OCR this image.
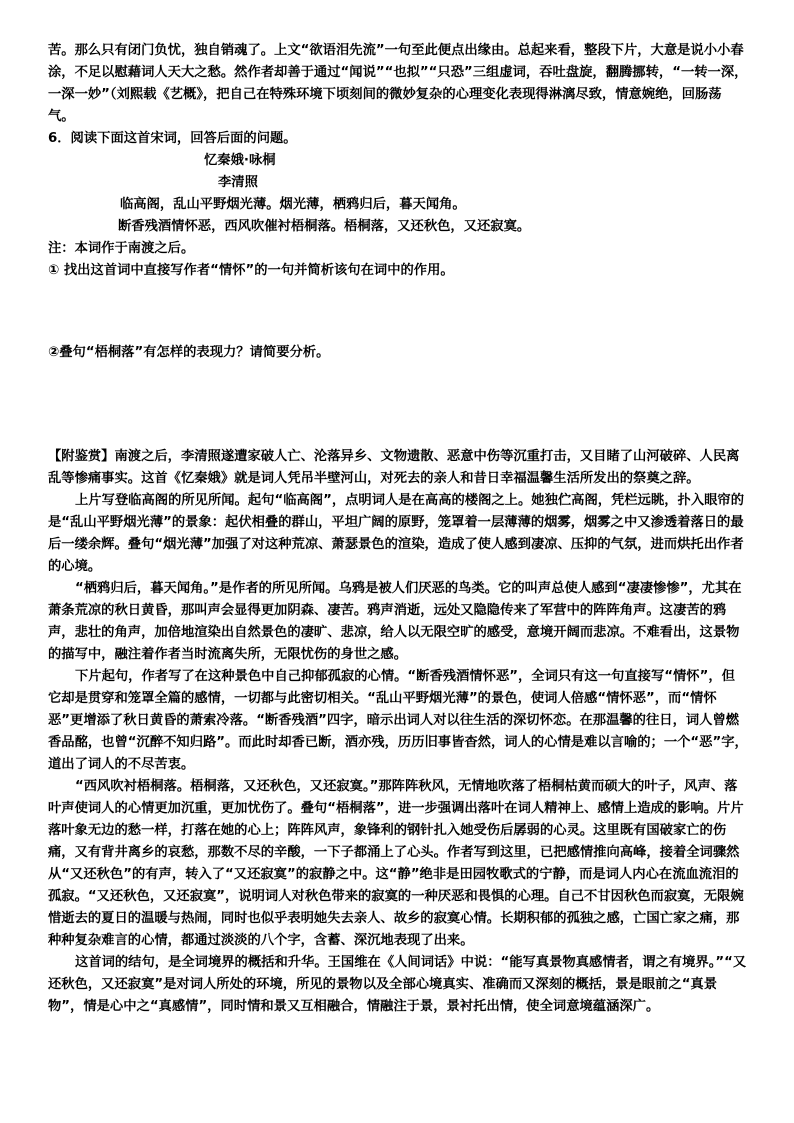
苦。那么只有闭门负忧，独自销魂了。上文“欲语泪先流”一句至此便点出缘由。总起来看，整段下片，大意是说小小春涂，不足以慰藉词人天大之愁。然作者却善于通过“闻说”“也拟”“只恐”三组虚词，吞吐盘旋，翻腾挪转，“一转一深，一深一妙”（刘熙载《艺概》，把自己在特殊环境下顷刻间的微妙复杂的心理变化表现得淋漓尽致，情意婉绝，回肠荡气。

6．阅读下面这首宋词，回答后面的问题。

忆秦娥·咏桐

李清照

临高阁，乱山平野烟光薄。烟光薄，栖鸦归后，暮天闻角。

断香残酒情怀恶，西风吹催衬梧桐落。梧桐落，又还秋色，又还寂寞。

注：本词作于南渡之后。

① 找出这首词中直接写作者“情怀”的一句并简析该句在词中的作用。

②叠句“梧桐落”有怎样的表现力？请简要分析。

【附鉴赏】南渡之后，李清照遂遭家破人亡、沦落异乡、文物遗散、恶意中伤等沉重打击，又目睹了山河破碎、人民离乱等惨痛事实。这首《忆秦娥》就是词人凭吊半壁河山，对死去的亲人和昔日幸福温馨生活所发出的祭奠之辞。

上片写登临高阁的所见所闻。起句“临高阁”，点明词人是在高高的楼阁之上。她独伫高阁，凭栏远眺，扑入眼帘的是“乱山平野烟光薄”的景象：起伏相叠的群山，平坦广阔的原野，笼罩着一层薄薄的烟雾，烟雾之中又渗透着落日的最后一缕余辉。叠句“烟光薄”加强了对这种荒凉、萧瑟景色的渲染，造成了使人感到凄凉、压抑的气氛，进而烘托出作者的心境。

“栖鸦归后，暮天闻角。”是作者的所见所闻。乌鸦是被人们厌恶的鸟类。它的叫声总使人感到“凄凄惨惨”，尤其在萧条荒凉的秋日黄昏，那叫声会显得更加阴森、凄苦。鸦声消逝，远处又隐隐传来了军营中的阵阵角声。这凄苦的鸦声，悲壮的角声，加倍地渲染出自然景色的凄旷、悲凉，给人以无限空旷的感受，意境开阔而悲凉。不难看出，这景物的描写中，融注着作者当时流离失所，无限忧伤的身世之感。

下片起句，作者写了在这种景色中自己抑郁孤寂的心情。“断香残酒情怀恶”，全词只有这一句直接写“情怀”，但它却是贯穿和笼罩全篇的感情，一切都与此密切相关。“乱山平野烟光薄”的景色，使词人倍感“情怀恶”，而“情怀恶”更增添了秋日黄昏的萧索冷落。“断香残酒”四字，暗示出词人对以往生活的深切怀恋。在那温馨的往日，词人曾燃香品酩，也曾“沉醉不知归路”。而此时却香已断，酒亦残，历历旧事皆杳然，词人的心情是难以言喻的；一个“恶”字，道出了词人的不尽苦衷。

“西风吹衬梧桐落。梧桐落，又还秋色，又还寂寞。”那阵阵秋风，无情地吹落了梧桐枯黄而硕大的叶子，风声、落叶声使词人的心情更加沉重，更加忧伤了。叠句“梧桐落”，进一步强调出落叶在词人精神上、感情上造成的影响。片片落叶象无边的愁一样，打落在她的心上；阵阵风声，象锋利的钢针扎入她受伤后孱弱的心灵。这里既有国破家亡的伤痛，又有背井离乡的哀愁，那数不尽的辛酸，一下子都涌上了心头。作者写到这里，已把感情推向高峰，接着全词骤然从“又还秋色”的有声，转入了“又还寂寞”的寂静之中。这“静”绝非是田园牧歌式的宁静，而是词人内心在流血流泪的孤寂。“又还秋色，又还寂寞”，说明词人对秋色带来的寂寞的一种厌恶和畏惧的心理。自己不甘因秋色而寂寞，无限婉惜逝去的夏日的温暖与热闹，同时也似乎表明她失去亲人、故乡的寂寞心情。长期积郁的孤独之感，亡国亡家之痛，那种种复杂难言的心情，都通过淡淡的八个字，含蓄、深沉地表现了出来。

这首词的结句，是全词境界的概括和升华。王国维在《人间词话》中说：“能写真景物真感情者，谓之有境界。”“又还秋色，又还寂寞”是对词人所处的环境，所见的景物以及全部心境真实、准确而又深刻的概括，景是眼前之“真景物”，情是心中之“真感情”，同时情和景又互相融合，情融注于景，景衬托出情，使全词意境蕴涵深广。
